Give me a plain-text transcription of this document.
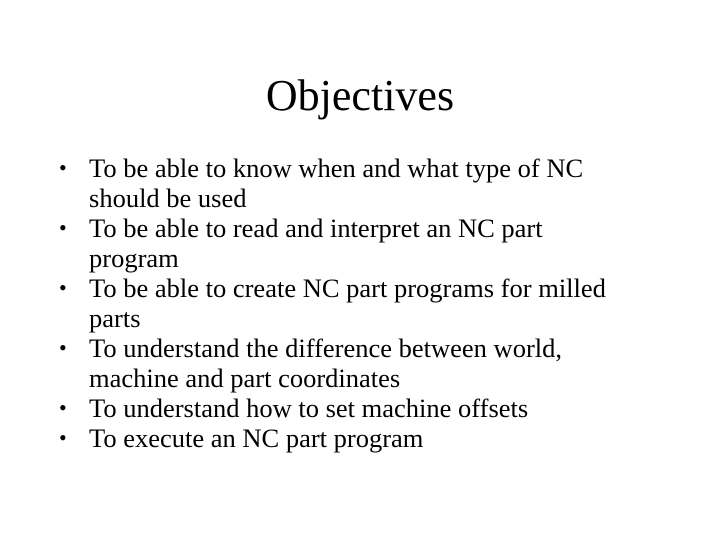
Objectives
• To be able to know when and what type of NC
should be used
• To be able to read and interpret an NC part
program
• To be able to create NC part programs for milled
parts
• To understand the difference between world,
machine and part coordinates
• To understand how to set machine offsets
• To execute an NC part program
